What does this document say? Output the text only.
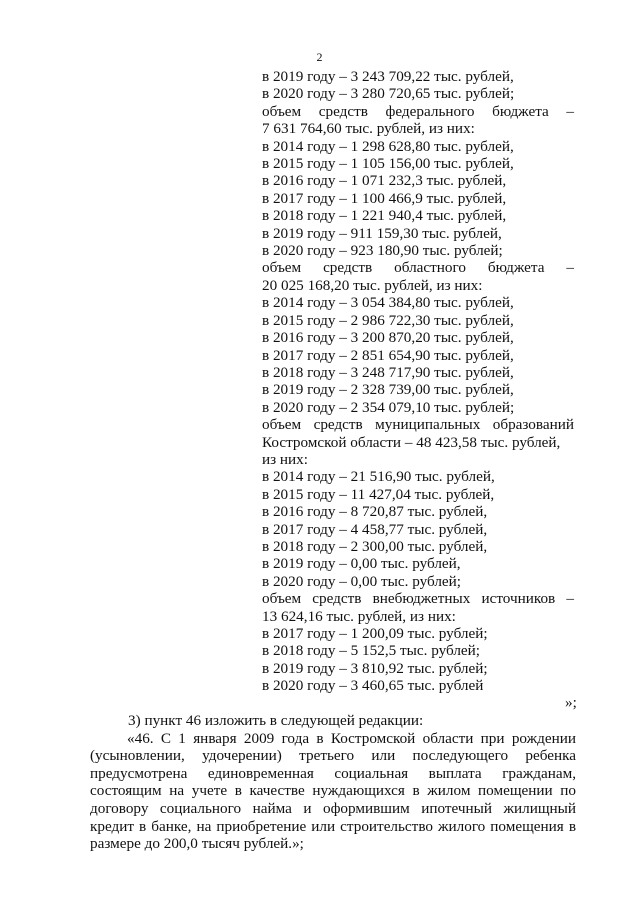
2
в 2019 году – 3 243 709,22 тыс. рублей,
в 2020 году – 3 280 720,65 тыс. рублей;
объем средств федерального бюджета –
7 631 764,60 тыс. рублей, из них:
в 2014 году – 1 298 628,80 тыс. рублей,
в 2015 году – 1 105 156,00 тыс. рублей,
в 2016 году – 1 071 232,3 тыс. рублей,
в 2017 году – 1 100 466,9 тыс. рублей,
в 2018 году – 1 221 940,4 тыс. рублей,
в 2019 году – 911 159,30 тыс. рублей,
в 2020 году – 923 180,90 тыс. рублей;
объем средств областного бюджета –
20 025 168,20 тыс. рублей, из них:
в 2014 году – 3 054 384,80 тыс. рублей,
в 2015 году – 2 986 722,30 тыс. рублей,
в 2016 году – 3 200 870,20 тыс. рублей,
в 2017 году – 2 851 654,90 тыс. рублей,
в 2018 году – 3 248 717,90 тыс. рублей,
в 2019 году – 2 328 739,00 тыс. рублей,
в 2020 году – 2 354 079,10 тыс. рублей;
объем средств муниципальных образований
Костромской области – 48 423,58 тыс. рублей,
из них:
в 2014 году – 21 516,90 тыс. рублей,
в 2015 году – 11 427,04 тыс. рублей,
в 2016 году – 8 720,87 тыс. рублей,
в 2017 году – 4 458,77 тыс. рублей,
в 2018 году – 2 300,00 тыс. рублей,
в 2019 году – 0,00 тыс. рублей,
в 2020 году – 0,00 тыс. рублей;
объем средств внебюджетных источников –
13 624,16 тыс. рублей, из них:
в 2017 году – 1 200,09 тыс. рублей;
в 2018 году – 5 152,5 тыс. рублей;
в 2019 году – 3 810,92 тыс. рублей;
в 2020 году – 3 460,65 тыс. рублей
»;
3) пункт 46 изложить в следующей редакции:
«46. С 1 января 2009 года в Костромской области при рождении (усыновлении, удочерении) третьего или последующего ребенка предусмотрена единовременная социальная выплата гражданам, состоящим на учете в качестве нуждающихся в жилом помещении по договору социального найма и оформившим ипотечный жилищный кредит в банке, на приобретение или строительство жилого помещения в размере до 200,0 тысяч рублей.»;
